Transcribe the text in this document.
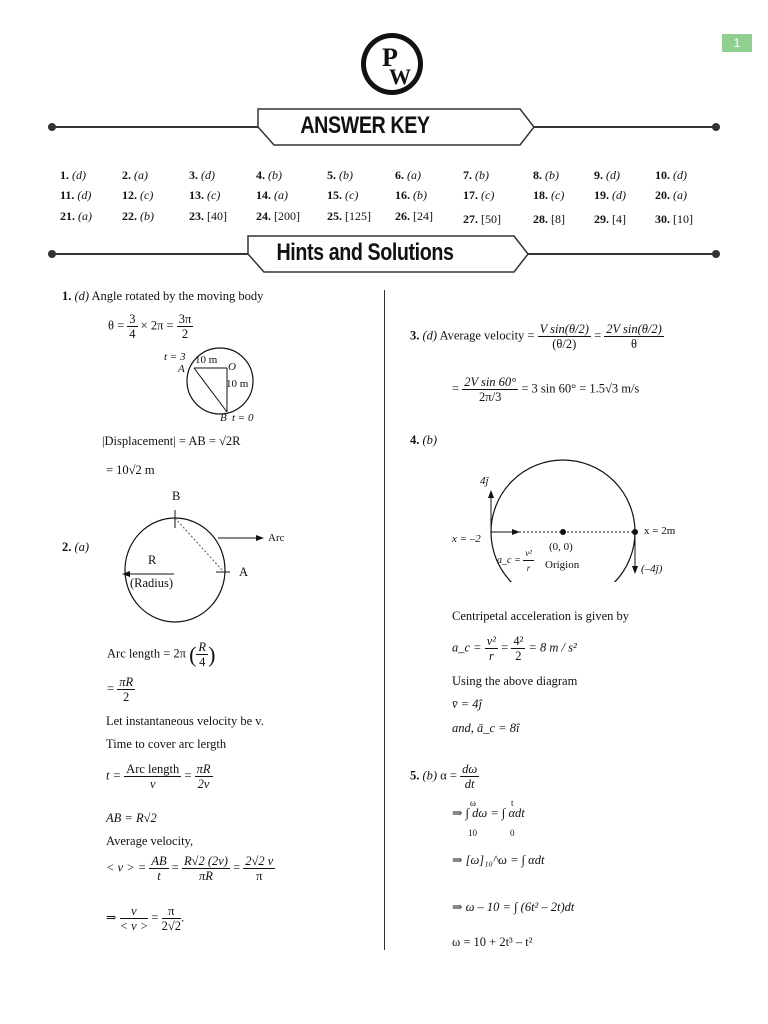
1
P
W
ANSWER KEY
1. (d)	2. (a)	3. (d)	4. (b)	5. (b)	6. (a)	7. (b)	8. (b)	9. (d)	10. (d)
11. (d)	12. (c)	13. (c)	14. (a)	15. (c)	16. (b)	17. (c)	18. (c) 19. (d) 20. (a)
21. (a)	22. (b)	23. [40] 24. [200] 25. [125] 26. [24]	27. [50]	28. [8] 29. [4] 30. [10]
Hints and Solutions
1. (d) Angle rotated by the moving body
$\theta = \frac{3}{4} \times 2\pi = \frac{3\pi}{2}$
t = 3
A
10 m
O
10 m
B t = 0
|Displacement| = AB = √2R
= 10√2 m
2. (a)
B
Arc
R
A
(Radius)
Arc length = 2π ( $\frac{R}{4}$ )
= $\frac{\pi R}{2}$
Let instantaneous velocity be v.
Time to cover arc lergth
$t = \frac{\text{Arc length}}{v} = \frac{\pi R}{2v}$
AB = R√2
Average velocity,
< v > = $\frac{AB}{t} = \frac{R√2 (2v)}{\pi R} = \frac{2√2 v}{\pi}$
⇒ $\frac{v}{< v >} = \frac{\pi}{2√2}$ .
3. (d) Average velocity = $\frac{\text{V sin(θ/2)}}{(\theta/2)} = \frac{\text{2V sin(θ/2)}}{\theta}$
= $\frac{\text{2V sin 60°}}{2\pi/3} = 3$ sin 60° = 1.5√3 m/s
4. (b)
4ĵ
x = –2
x = 2m
a_c = $\frac{\text{v²}}{r} (0$, 0)
Origion	(–4ĵ)
Centripetal acceleration is given by
a_c = $\frac{\text{v²}}{r} = \frac{\text{4²}}{2} = 8$ m / s²
Using the above diagram
v̄ = 4ĵ
and, ā_c = 8î
5. (b) $\alpha = \frac{d\omega}{dt}$
⇒ ∫ dω = ∫ αdt
ω
10
t
0
⇒ [ω]₁₀^ω = ∫ αdt
⇒ ω – 10 = ∫ (6t² – 2t)dt
ω = 10 + 2t³ – t²
